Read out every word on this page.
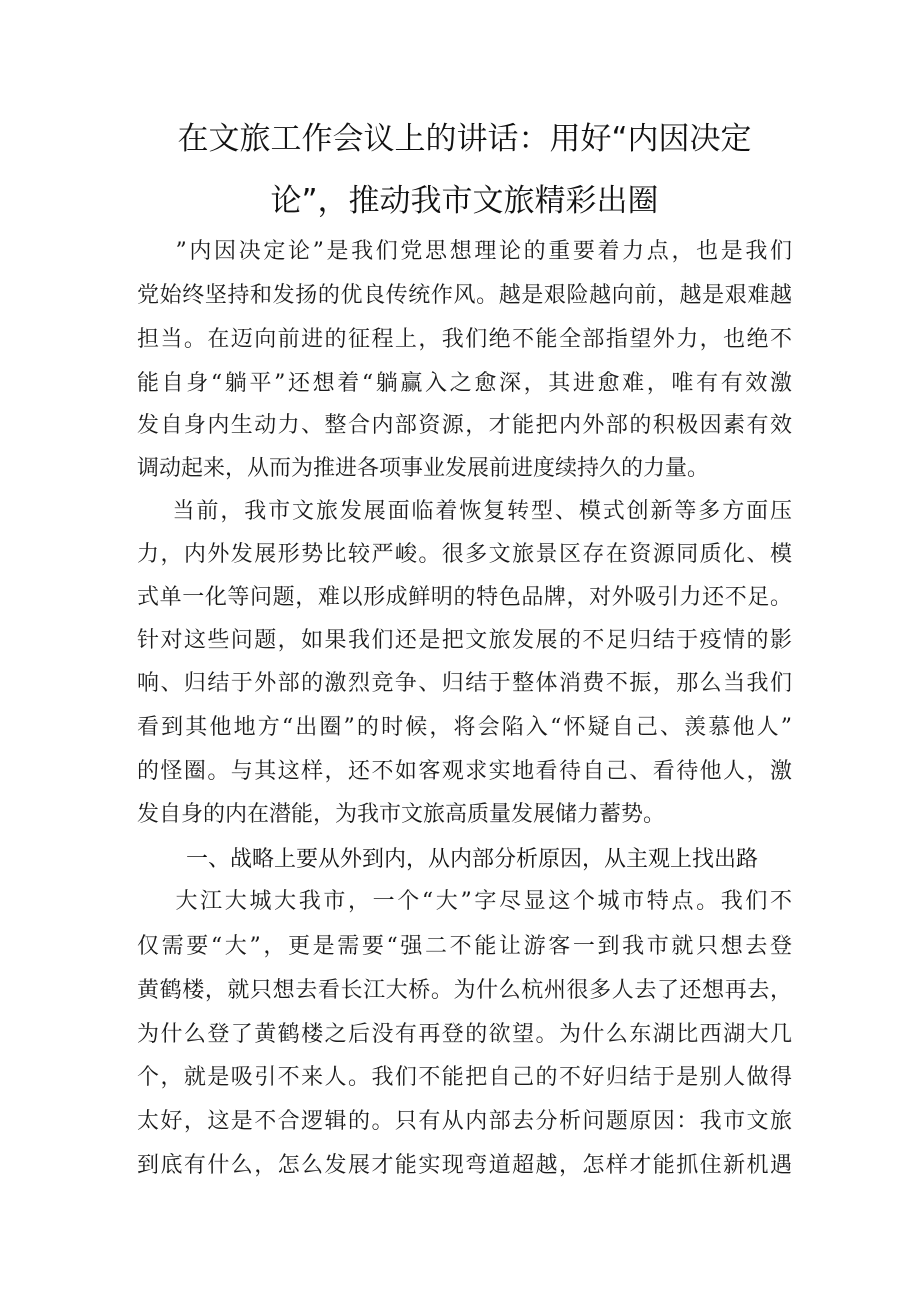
在文旅工作会议上的讲话：用好“内因决定
论”，推动我市文旅精彩出圈
”内因决定论”是我们党思想理论的重要着力点，也是我们
党始终坚持和发扬的优良传统作风。越是艰险越向前，越是艰难越
担当。在迈向前进的征程上，我们绝不能全部指望外力，也绝不
能自身“躺平”还想着“躺赢入之愈深，其进愈难，唯有有效激
发自身内生动力、整合内部资源，才能把内外部的积极因素有效
调动起来，从而为推进各项事业发展前进度续持久的力量。
当前，我市文旅发展面临着恢复转型、模式创新等多方面压
力，内外发展形势比较严峻。很多文旅景区存在资源同质化、模
式单一化等问题，难以形成鲜明的特色品牌，对外吸引力还不足。
针对这些问题，如果我们还是把文旅发展的不足归结于疫情的影
响、归结于外部的激烈竞争、归结于整体消费不振，那么当我们
看到其他地方“出圈”的时候，将会陷入“怀疑自己、羡慕他人”
的怪圈。与其这样，还不如客观求实地看待自己、看待他人，激
发自身的内在潜能，为我市文旅高质量发展储力蓄势。
一、战略上要从外到内，从内部分析原因，从主观上找出路
大江大城大我市，一个“大”字尽显这个城市特点。我们不
仅需要“大”，更是需要“强二不能让游客一到我市就只想去登
黄鹤楼，就只想去看长江大桥。为什么杭州很多人去了还想再去，
为什么登了黄鹤楼之后没有再登的欲望。为什么东湖比西湖大几
个，就是吸引不来人。我们不能把自己的不好归结于是别人做得
太好，这是不合逻辑的。只有从内部去分析问题原因：我市文旅
到底有什么，怎么发展才能实现弯道超越，怎样才能抓住新机遇
